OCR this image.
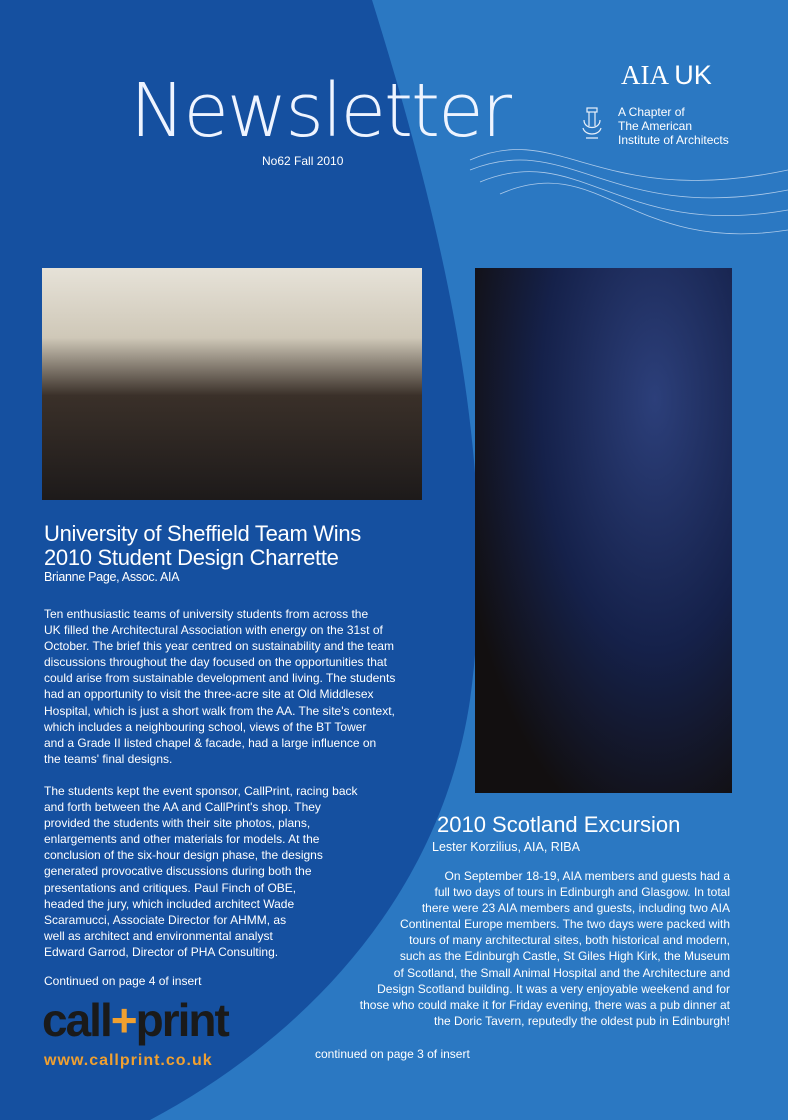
Newsletter
No62 Fall 2010
AIA UK
A Chapter of
The American
Institute of Architects
University of Sheffield Team Wins
2010 Student Design Charrette
Brianne Page, Assoc. AIA
Ten enthusiastic teams of university students from across the
UK filled the Architectural Association with energy on the 31st of
October. The brief this year centred on sustainability and the team
discussions throughout the day focused on the opportunities that
could arise from sustainable development and living. The students
had an opportunity to visit the three-acre site at Old Middlesex
Hospital, which is just a short walk from the AA. The site's context,
which includes a neighbouring school, views of the BT Tower
and a Grade II listed chapel & facade, had a large influence on
the teams' final designs.
The students kept the event sponsor, CallPrint, racing back
and forth between the AA and CallPrint's shop. They
provided the students with their site photos, plans,
enlargements and other materials for models. At the
conclusion of the six-hour design phase, the designs
generated provocative discussions during both the
presentations and critiques. Paul Finch of OBE,
headed the jury, which included architect Wade
Scaramucci, Associate Director for AHMM, as
well as architect and environmental analyst
Edward Garrod, Director of PHA Consulting.
Continued on page 4 of insert
call+print
www.callprint.co.uk
2010 Scotland Excursion
Lester Korzilius, AIA, RIBA
On September 18-19, AIA members and guests had a
full two days of tours in Edinburgh and Glasgow. In total
there were 23 AIA members and guests, including two AIA
Continental Europe members. The two days were packed with
tours of many architectural sites, both historical and modern,
such as the Edinburgh Castle, St Giles High Kirk, the Museum
of Scotland, the Small Animal Hospital and the Architecture and
Design Scotland building. It was a very enjoyable weekend and for
those who could make it for Friday evening, there was a pub dinner at
the Doric Tavern, reputedly the oldest pub in Edinburgh!
continued on page 3 of insert
